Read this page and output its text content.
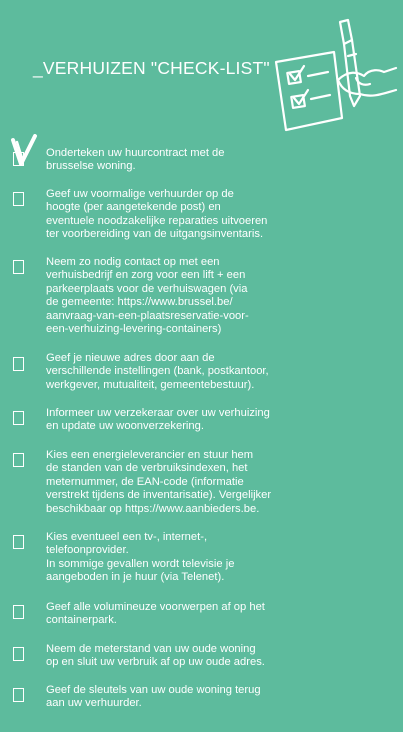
_VERHUIZEN "CHECK-LIST"
Onderteken uw huurcontract met de
brusselse woning.
Geef uw voormalige verhuurder op de
hoogte (per aangetekende post) en
eventuele noodzakelijke reparaties uitvoeren
ter voorbereiding van de uitgangsinventaris.
Neem zo nodig contact op met een
verhuisbedrijf en zorg voor een lift + een
parkeerplaats voor de verhuiswagen (via
de gemeente: https://www.brussel.be/
aanvraag-van-een-plaatsreservatie-voor-
een-verhuizing-levering-containers)
Geef je nieuwe adres door aan de
verschillende instellingen (bank, postkantoor,
werkgever, mutualiteit, gemeentebestuur).
Informeer uw verzekeraar over uw verhuizing
en update uw woonverzekering.
Kies een energieleverancier en stuur hem
de standen van de verbruiksindexen, het
meternummer, de EAN-code (informatie
verstrekt tijdens de inventarisatie). Vergelijker
beschikbaar op https://www.aanbieders.be.
Kies eventueel een tv-, internet-,
telefoonprovider.
In sommige gevallen wordt televisie je
aangeboden in je huur (via Telenet).
Geef alle volumineuze voorwerpen af op het
containerpark.
Neem de meterstand van uw oude woning
op en sluit uw verbruik af op uw oude adres.
Geef de sleutels van uw oude woning terug
aan uw verhuurder.
